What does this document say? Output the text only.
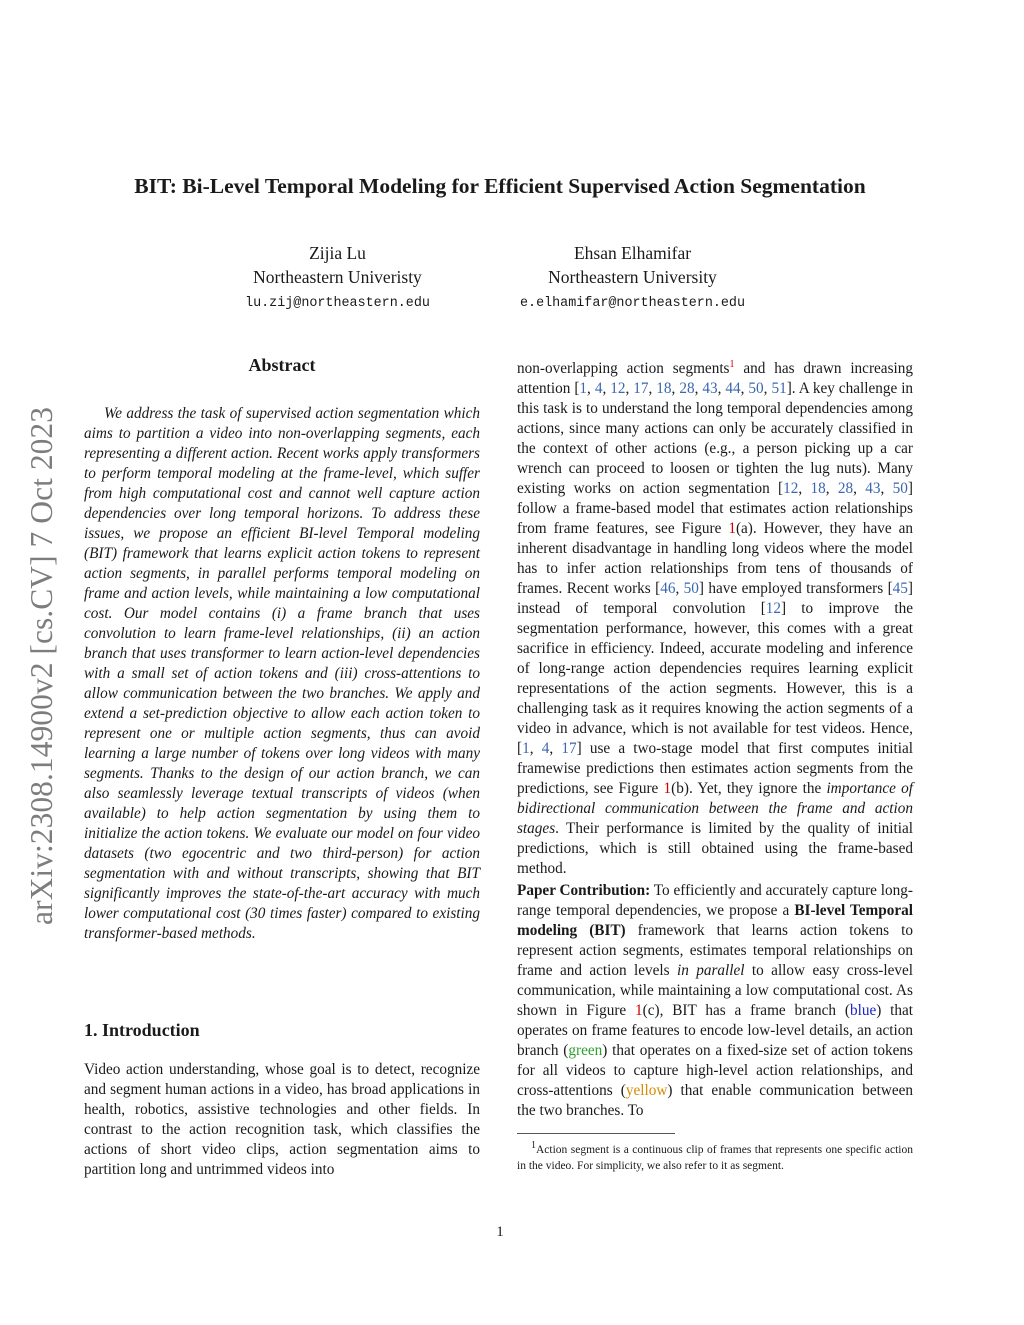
BIT: Bi-Level Temporal Modeling for Efficient Supervised Action Segmentation
Zijia Lu
Northeastern Univeristy
lu.zij@northeastern.edu
Ehsan Elhamifar
Northeastern University
e.elhamifar@northeastern.edu
arXiv:2308.14900v2 [cs.CV] 7 Oct 2023
Abstract

We address the task of supervised action segmentation which aims to partition a video into non-overlapping segments, each representing a different action. Recent works apply transformers to perform temporal modeling at the frame-level, which suffer from high computational cost and cannot well capture action dependencies over long temporal horizons. To address these issues, we propose an efficient BI-level Temporal modeling (BIT) framework that learns explicit action tokens to represent action segments, in parallel performs temporal modeling on frame and action levels, while maintaining a low computational cost. Our model contains (i) a frame branch that uses convolution to learn frame-level relationships, (ii) an action branch that uses transformer to learn action-level dependencies with a small set of action tokens and (iii) cross-attentions to allow communication between the two branches. We apply and extend a set-prediction objective to allow each action token to represent one or multiple action segments, thus can avoid learning a large number of tokens over long videos with many segments. Thanks to the design of our action branch, we can also seamlessly leverage textual transcripts of videos (when available) to help action segmentation by using them to initialize the action tokens. We evaluate our model on four video datasets (two egocentric and two third-person) for action segmentation with and without transcripts, showing that BIT significantly improves the state-of-the-art accuracy with much lower computational cost (30 times faster) compared to existing transformer-based methods.

1. Introduction

Video action understanding, whose goal is to detect, recognize and segment human actions in a video, has broad applications in health, robotics, assistive technologies and other fields. In contrast to the action recognition task, which classifies the actions of short video clips, action segmentation aims to partition long and untrimmed videos into

non-overlapping action segments$^1$ and has drawn increasing attention [1, 4, 12, 17, 18, 28, 43, 44, 50, 51]. A key challenge in this task is to understand the long temporal dependencies among actions, since many actions can only be accurately classified in the context of other actions (e.g., a person picking up a car wrench can proceed to loosen or tighten the lug nuts). Many existing works on action segmentation [12, 18, 28, 43, 50] follow a frame-based model that estimates action relationships from frame features, see Figure 1(a). However, they have an inherent disadvantage in handling long videos where the model has to infer action relationships from tens of thousands of frames. Recent works [46, 50] have employed transformers [45] instead of temporal convolution [12] to improve the segmentation performance, however, this comes with a great sacrifice in efficiency. Indeed, accurate modeling and inference of long-range action dependencies requires learning explicit representations of the action segments. However, this is a challenging task as it requires knowing the action segments of a video in advance, which is not available for test videos. Hence, [1, 4, 17] use a two-stage model that first computes initial framewise predictions then estimates action segments from the predictions, see Figure 1(b). Yet, they ignore the importance of bidirectional communication between the frame and action stages. Their performance is limited by the quality of initial predictions, which is still obtained using the frame-based method.

Paper Contribution: To efficiently and accurately capture long-range temporal dependencies, we propose a BI-level Temporal modeling (BIT) framework that learns action tokens to represent action segments, estimates temporal relationships on frame and action levels in parallel to allow easy cross-level communication, while maintaining a low computational cost. As shown in Figure 1(c), BIT has a frame branch (blue) that operates on frame features to encode low-level details, an action branch (green) that operates on a fixed-size set of action tokens for all videos to capture high-level action relationships, and cross-attentions (yellow) that enable communication between the two branches. To

$^1$Action segment is a continuous clip of frames that represents one specific action in the video. For simplicity, we also refer to it as segment.

1
